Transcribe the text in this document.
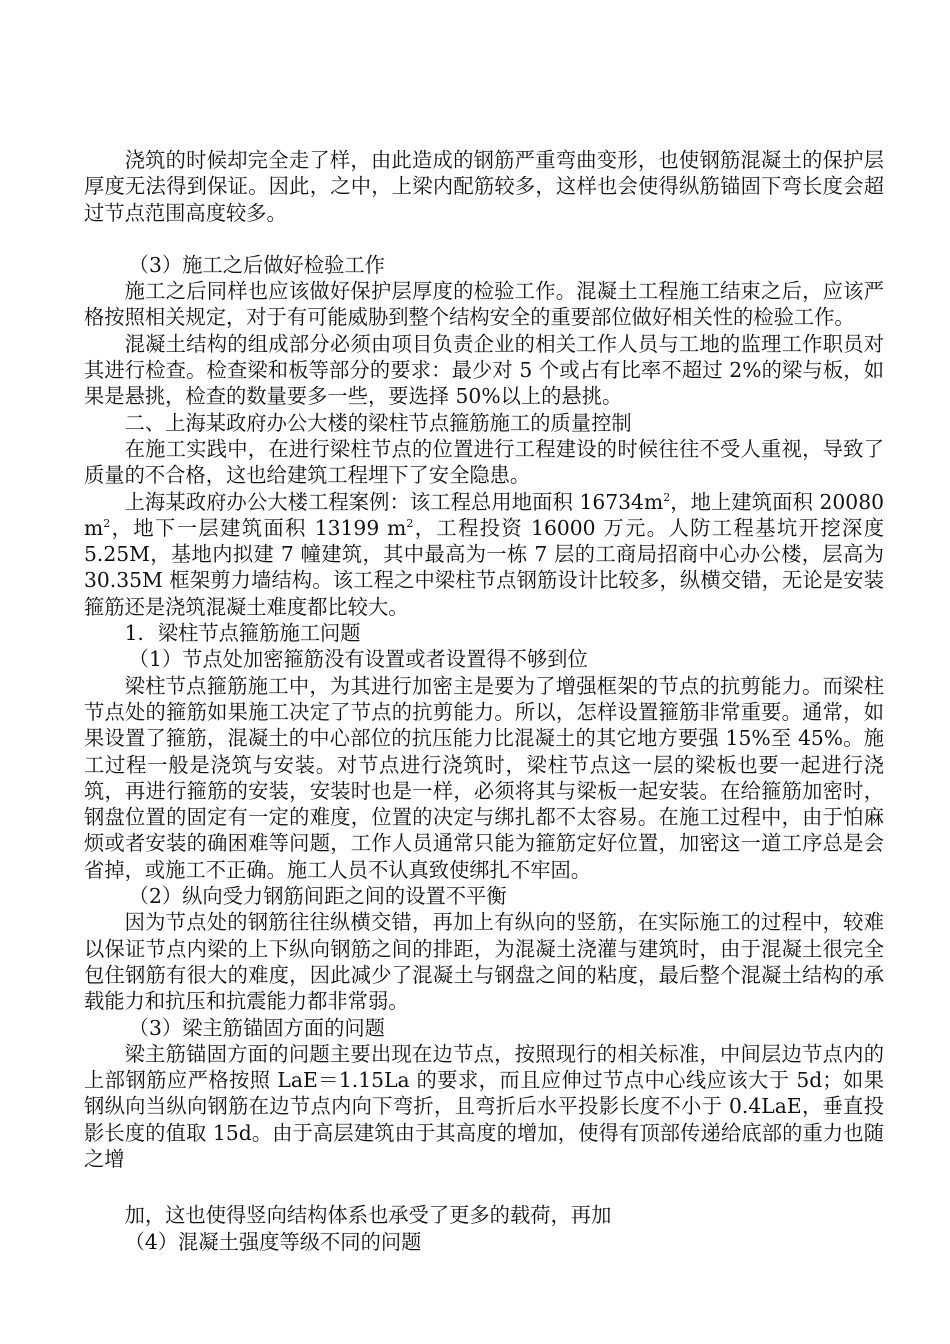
浇筑的时候却完全走了样，由此造成的钢筋严重弯曲变形，也使钢筋混凝土的保护层厚度无法得到保证。因此，之中，上梁内配筋较多，这样也会使得纵筋锚固下弯长度会超过节点范围高度较多。

（3）施工之后做好检验工作

施工之后同样也应该做好保护层厚度的检验工作。混凝土工程施工结束之后，应该严格按照相关规定，对于有可能威胁到整个结构安全的重要部位做好相关性的检验工作。

混凝土结构的组成部分必须由项目负责企业的相关工作人员与工地的监理工作职员对其进行检查。检查梁和板等部分的要求：最少对 5 个或占有比率不超过 2%的梁与板，如果是悬挑，检查的数量要多一些，要选择 50%以上的悬挑。

二、上海某政府办公大楼的梁柱节点箍筋施工的质量控制

在施工实践中，在进行梁柱节点的位置进行工程建设的时候往往不受人重视，导致了质量的不合格，这也给建筑工程埋下了安全隐患。

上海某政府办公大楼工程案例：该工程总用地面积 $16734m^2$，地上建筑面积 20080 $m^2$，地下一层建筑面积 13199 $m^2$，工程投资 16000 万元。人防工程基坑开挖深度 5.25M，基地内拟建 7 幢建筑，其中最高为一栋 7 层的工商局招商中心办公楼，层高为 30.35M 框架剪力墙结构。该工程之中梁柱节点钢筋设计比较多，纵横交错，无论是安装箍筋还是浇筑混凝土难度都比较大。

1．梁柱节点箍筋施工问题

（1）节点处加密箍筋没有设置或者设置得不够到位

梁柱节点箍筋施工中，为其进行加密主是要为了增强框架的节点的抗剪能力。而梁柱节点处的箍筋如果施工决定了节点的抗剪能力。所以，怎样设置箍筋非常重要。通常，如果设置了箍筋，混凝土的中心部位的抗压能力比混凝土的其它地方要强 15%至 45%。施工过程一般是浇筑与安装。对节点进行浇筑时，梁柱节点这一层的梁板也要一起进行浇筑，再进行箍筋的安装，安装时也是一样，必须将其与梁板一起安装。在给箍筋加密时，钢盘位置的固定有一定的难度，位置的决定与绑扎都不太容易。在施工过程中，由于怕麻烦或者安装的确困难等问题，工作人员通常只能为箍筋定好位置，加密这一道工序总是会省掉，或施工不正确。施工人员不认真致使绑扎不牢固。

（2）纵向受力钢筋间距之间的设置不平衡

因为节点处的钢筋往往纵横交错，再加上有纵向的竖筋，在实际施工的过程中，较难以保证节点内梁的上下纵向钢筋之间的排距，为混凝土浇灌与建筑时，由于混凝土很完全包住钢筋有很大的难度，因此减少了混凝土与钢盘之间的粘度，最后整个混凝土结构的承载能力和抗压和抗震能力都非常弱。

（3）梁主筋锚固方面的问题

梁主筋锚固方面的问题主要出现在边节点，按照现行的相关标准，中间层边节点内的上部钢筋应严格按照 LaE＝1.15La 的要求，而且应伸过节点中心线应该大于 5d；如果钢纵向当纵向钢筋在边节点内向下弯折，且弯折后水平投影长度不小于 0.4LaE，垂直投影长度的值取 15d。由于高层建筑由于其高度的增加，使得有顶部传递给底部的重力也随之增

加，这也使得竖向结构体系也承受了更多的载荷，再加

（4）混凝土强度等级不同的问题
